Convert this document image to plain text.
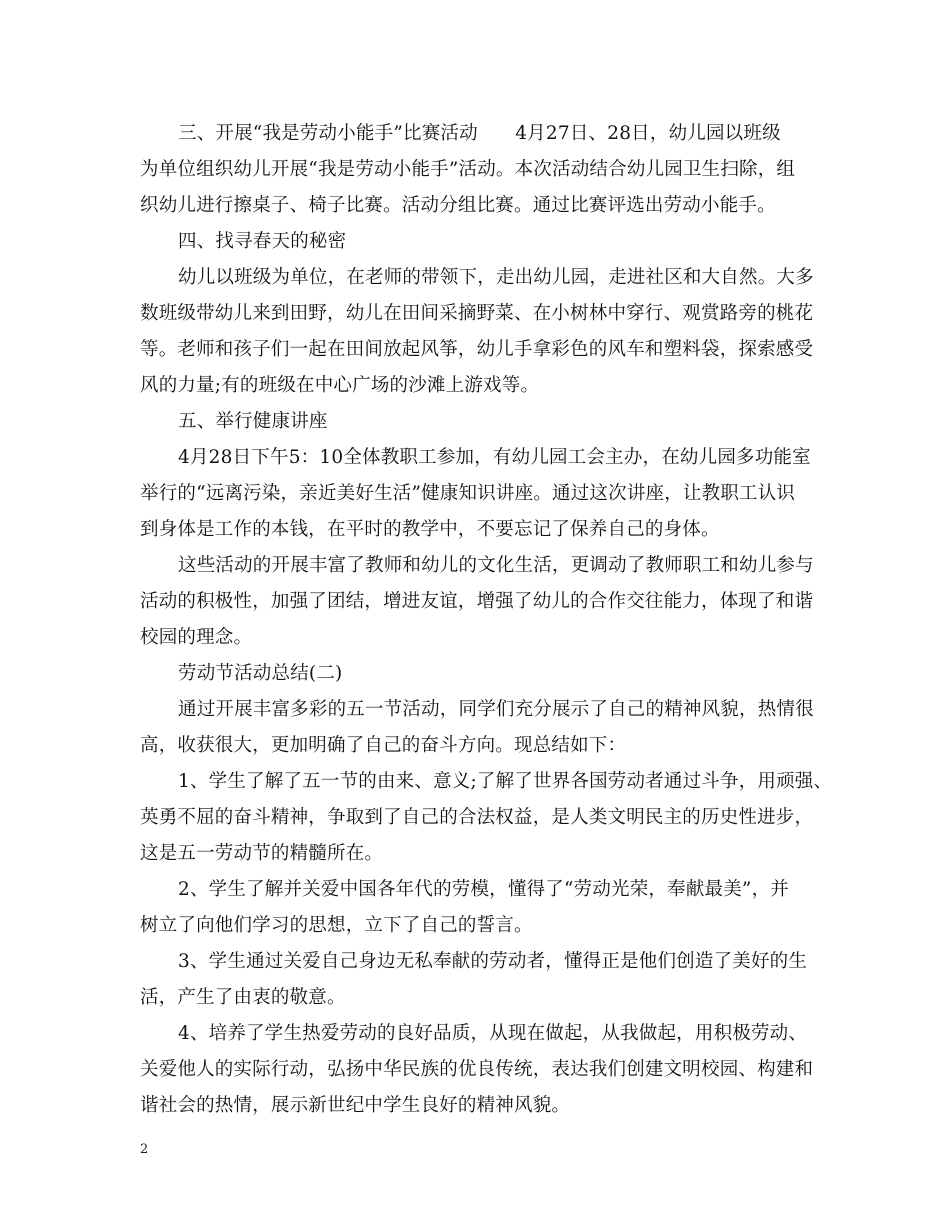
三、开展“我是劳动小能手”比赛活动　　4月27日、28日，幼儿园以班级
为单位组织幼儿开展“我是劳动小能手”活动。本次活动结合幼儿园卫生扫除，组
织幼儿进行擦桌子、椅子比赛。活动分组比赛。通过比赛评选出劳动小能手。
四、找寻春天的秘密
幼儿以班级为单位，在老师的带领下，走出幼儿园，走进社区和大自然。大多
数班级带幼儿来到田野，幼儿在田间采摘野菜、在小树林中穿行、观赏路旁的桃花
等。老师和孩子们一起在田间放起风筝，幼儿手拿彩色的风车和塑料袋，探索感受
风的力量;有的班级在中心广场的沙滩上游戏等。
五、举行健康讲座
4月28日下午5：10全体教职工参加，有幼儿园工会主办，在幼儿园多功能室
举行的“远离污染，亲近美好生活”健康知识讲座。通过这次讲座，让教职工认识
到身体是工作的本钱，在平时的教学中，不要忘记了保养自己的身体。
这些活动的开展丰富了教师和幼儿的文化生活，更调动了教师职工和幼儿参与
活动的积极性，加强了团结，增进友谊，增强了幼儿的合作交往能力，体现了和谐
校园的理念。
劳动节活动总结(二)
通过开展丰富多彩的五一节活动，同学们充分展示了自己的精神风貌，热情很
高，收获很大，更加明确了自己的奋斗方向。现总结如下：
1、学生了解了五一节的由来、意义;了解了世界各国劳动者通过斗争，用顽强、
英勇不屈的奋斗精神，争取到了自己的合法权益，是人类文明民主的历史性进步，
这是五一劳动节的精髓所在。
2、学生了解并关爱中国各年代的劳模，懂得了“劳动光荣，奉献最美”，并
树立了向他们学习的思想，立下了自己的誓言。
3、学生通过关爱自己身边无私奉献的劳动者，懂得正是他们创造了美好的生
活，产生了由衷的敬意。
4、培养了学生热爱劳动的良好品质，从现在做起，从我做起，用积极劳动、
关爱他人的实际行动，弘扬中华民族的优良传统，表达我们创建文明校园、构建和
谐社会的热情，展示新世纪中学生良好的精神风貌。
2
